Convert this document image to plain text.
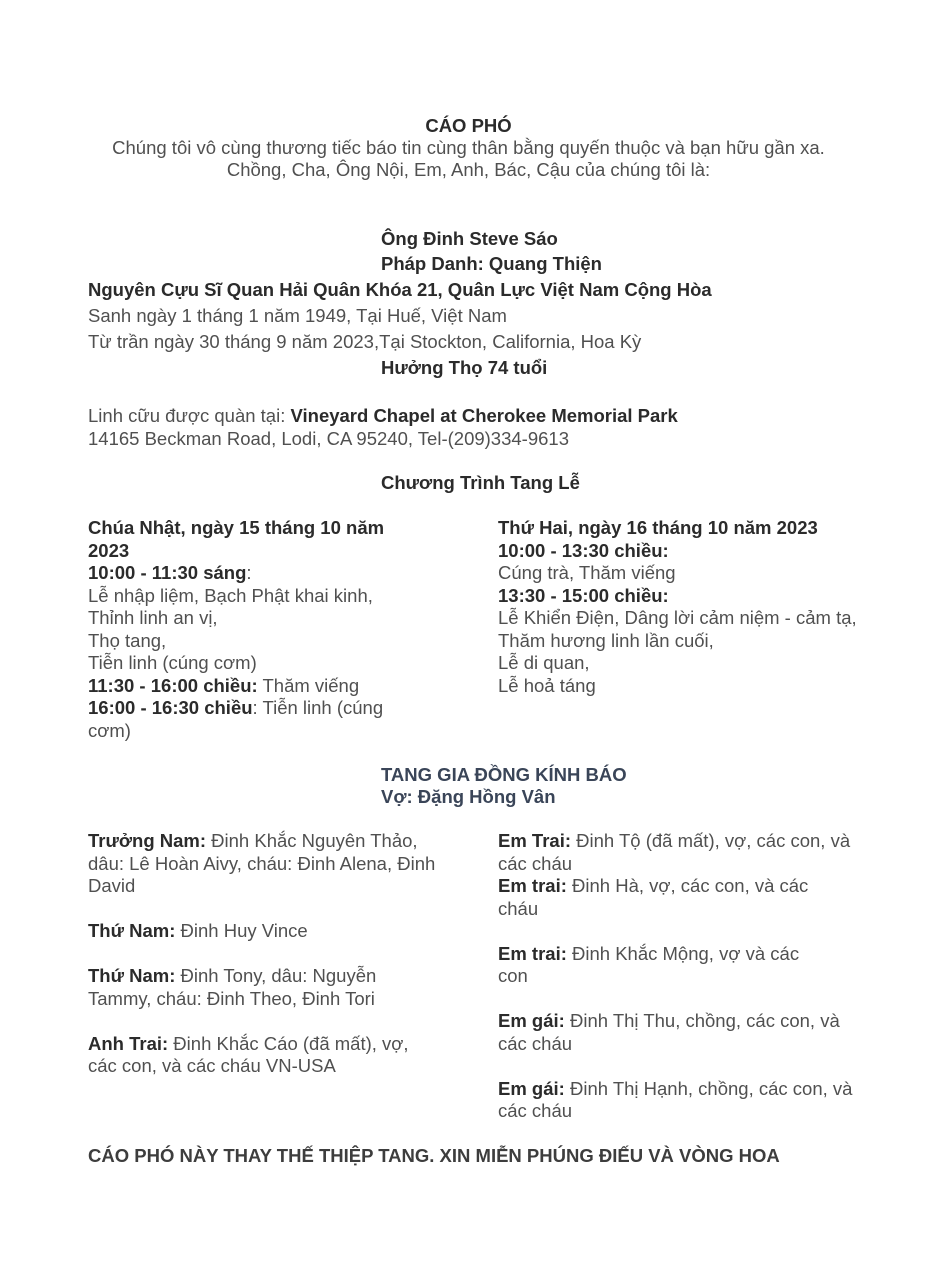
CÁO PHÓ
Chúng tôi vô cùng thương tiếc báo tin cùng thân bằng quyến thuộc và bạn hữu gần xa.
Chồng, Cha, Ông Nội, Em, Anh, Bác, Cậu của chúng tôi là:
Ông Đinh Steve Sáo
Pháp Danh: Quang Thiện
Nguyên Cựu Sĩ Quan Hải Quân Khóa 21, Quân Lực Việt Nam Cộng Hòa
Sanh ngày 1 tháng 1 năm 1949, Tại Huế, Việt Nam
Từ trần ngày 30 tháng 9 năm 2023,Tại Stockton, California, Hoa Kỳ
Hưởng Thọ 74 tuổi
Linh cữu được quàn tại: Vineyard Chapel at Cherokee Memorial Park
14165 Beckman Road, Lodi, CA 95240, Tel-(209)334-9613
Chương Trình Tang Lễ
Chúa Nhật, ngày 15 tháng 10 năm 2023
10:00 - 11:30 sáng:
Lễ nhập liệm, Bạch Phật khai kinh,
Thỉnh linh an vị,
Thọ tang,
Tiễn linh (cúng cơm)
11:30 - 16:00 chiều: Thăm viếng
16:00 - 16:30 chiều: Tiễn linh (cúng cơm)
Thứ Hai, ngày 16 tháng 10 năm 2023
10:00 - 13:30 chiều:
Cúng trà, Thăm viếng
13:30 - 15:00 chiều:
Lễ Khiển Điện, Dâng lời cảm niệm - cảm tạ, Thăm hương linh lần cuối,
Lễ di quan,
Lễ hoả táng
TANG GIA ĐỒNG KÍNH BÁO
Vợ: Đặng Hồng Vân
Trưởng Nam: Đinh Khắc Nguyên Thảo, dâu: Lê Hoàn Aivy, cháu: Đinh Alena, Đinh David
Thứ Nam: Đinh Huy Vince
Thứ Nam: Đinh Tony, dâu: Nguyễn Tammy, cháu: Đinh Theo, Đinh Tori
Anh Trai: Đinh Khắc Cáo (đã mất), vợ, các con, và các cháu VN-USA
Em Trai: Đinh Tộ (đã mất), vợ, các con, và các cháu
Em trai: Đinh Hà, vợ, các con, và các cháu
Em trai: Đinh Khắc Mộng, vợ và các con
Em gái: Đinh Thị Thu, chồng, các con, và các cháu
Em gái: Đinh Thị Hạnh, chồng, các con, và các cháu
CÁO PHÓ NÀY THAY THẾ THIỆP TANG. XIN MIỄN PHÚNG ĐIẾU VÀ VÒNG HOA
